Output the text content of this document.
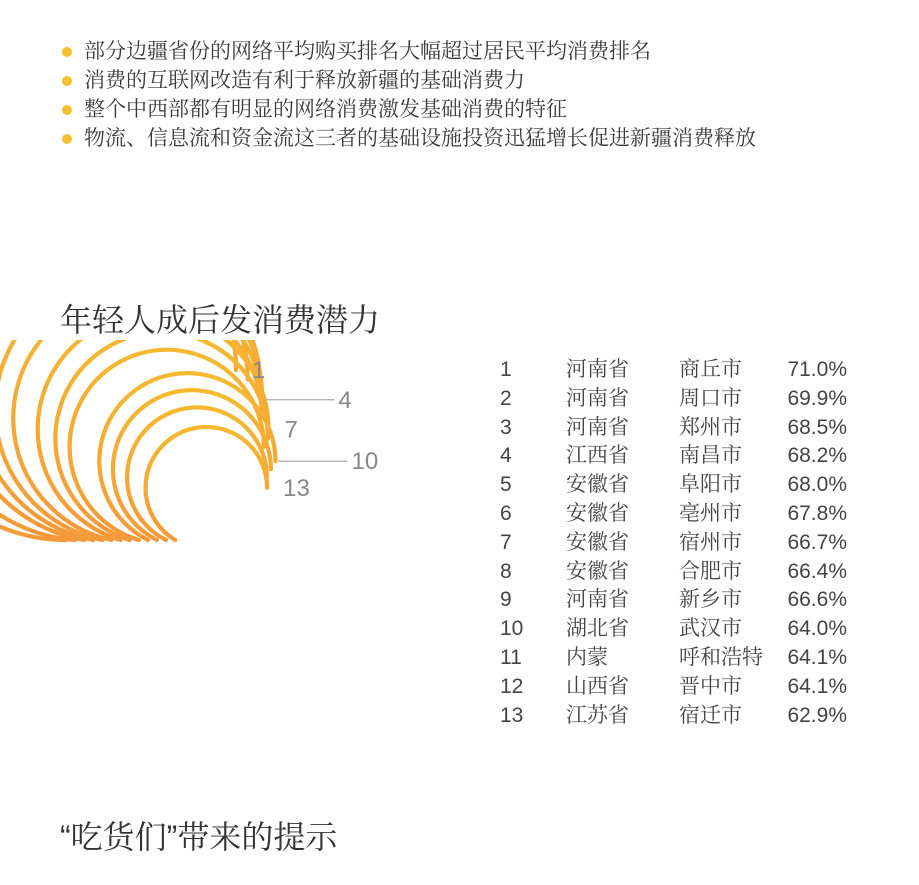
部分边疆省份的网络平均购买排名大幅超过居民平均消费排名
消费的互联网改造有利于释放新疆的基础消费力
整个中西部都有明显的网络消费激发基础消费的特征
物流、信息流和资金流这三者的基础设施投资迅猛增长促进新疆消费释放
年轻人成后发消费潜力
1
4
7
10
13
1	河南省	商丘市	71.0%
2	河南省	周口市	69.9%
3	河南省	郑州市	68.5%
4	江西省	南昌市	68.2%
5	安徽省	阜阳市	68.0%
6	安徽省	亳州市	67.8%
7	安徽省	宿州市	66.7%
8	安徽省	合肥市	66.4%
9	河南省	新乡市	66.6%
10	湖北省	武汉市	64.0%
11	内蒙	呼和浩特	64.1%
12	山西省	晋中市	64.1%
13	江苏省	宿迁市	62.9%
“吃货们”带来的提示
